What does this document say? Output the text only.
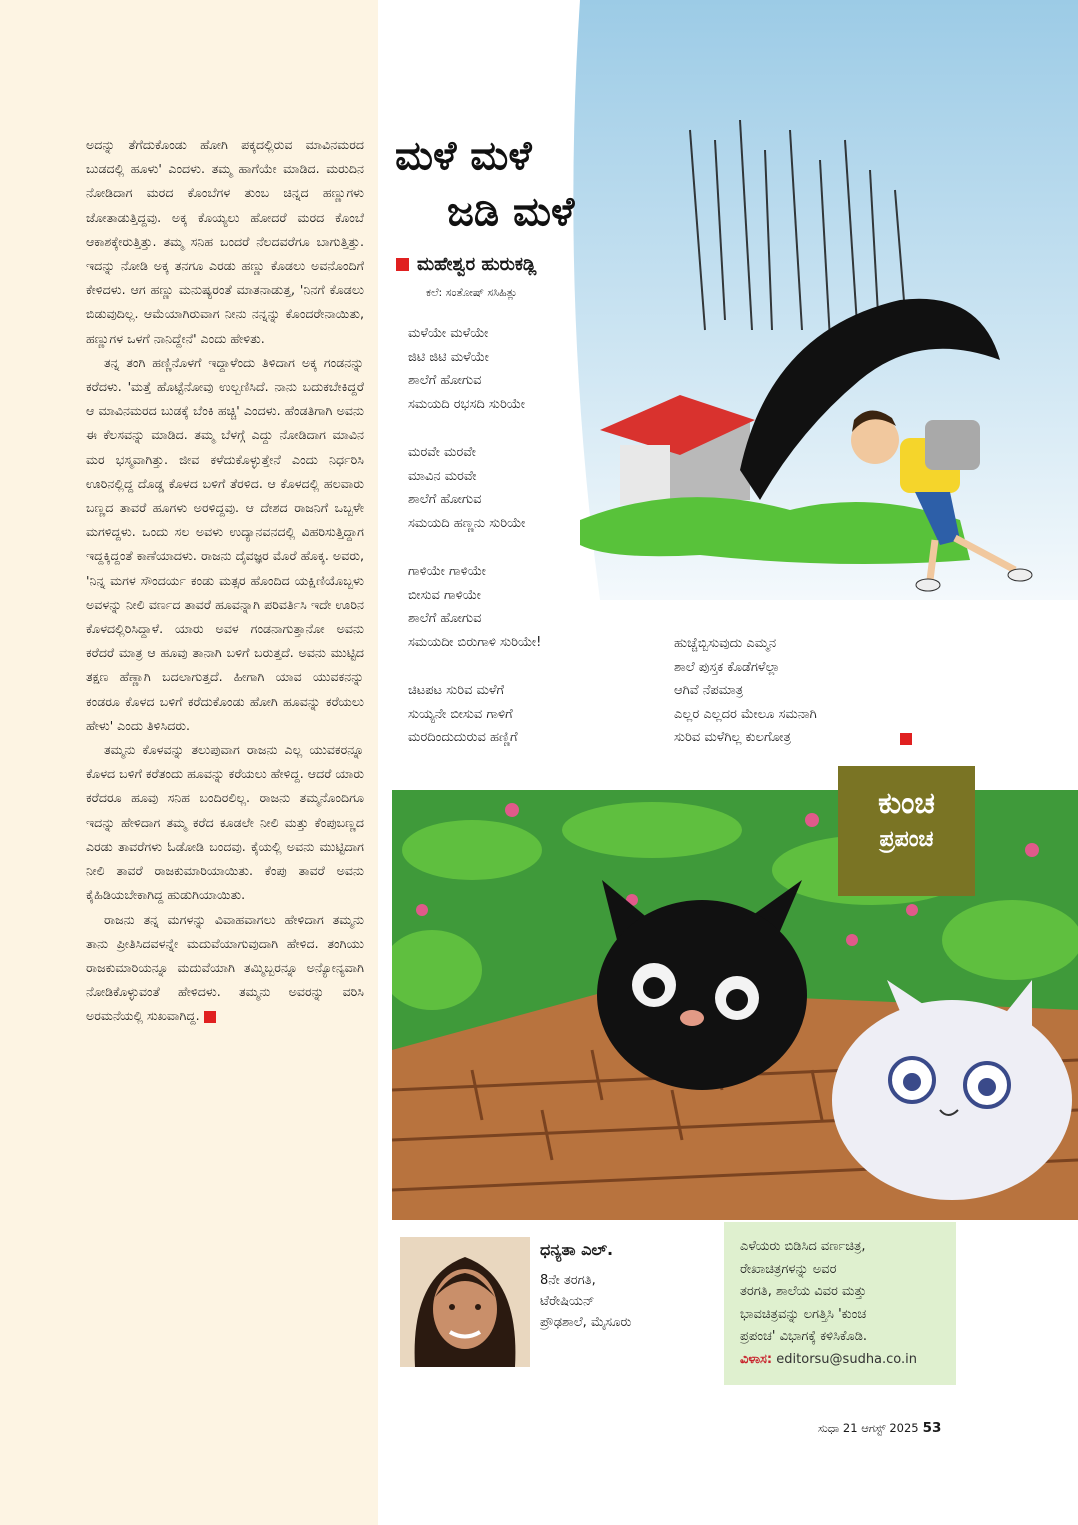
ಅದನ್ನು ತೆಗೆದುಕೊಂಡು ಹೋಗಿ ಪಕ್ಕದಲ್ಲಿರುವ ಮಾವಿನಮರದ ಬುಡದಲ್ಲಿ ಹೂಳು' ಎಂದಳು. ತಮ್ಮ ಹಾಗೆಯೇ ಮಾಡಿದ. ಮರುದಿನ ನೋಡಿದಾಗ ಮರದ ಕೊಂಬೆಗಳ ತುಂಬ ಚಿನ್ನದ ಹಣ್ಣುಗಳು ಜೋತಾಡುತ್ತಿದ್ದವು. ಅಕ್ಕ ಕೊಯ್ಯಲು ಹೋದರೆ ಮರದ ಕೊಂಬೆ ಆಕಾಶಕ್ಕೇರುತ್ತಿತ್ತು. ತಮ್ಮ ಸನಿಹ ಬಂದರೆ ನೆಲದವರೆಗೂ ಬಾಗುತ್ತಿತ್ತು. ಇದನ್ನು ನೋಡಿ ಅಕ್ಕ ತನಗೂ ಎರಡು ಹಣ್ಣು ಕೊಡಲು ಅವನೊಂದಿಗೆ ಕೇಳಿದಳು. ಆಗ ಹಣ್ಣು ಮನುಷ್ಯರಂತೆ ಮಾತನಾಡುತ್ತ, 'ನಿನಗೆ ಕೊಡಲು ಬಿಡುವುದಿಲ್ಲ. ಆಮೆಯಾಗಿರುವಾಗ ನೀನು ನನ್ನನ್ನು ಕೊಂದರೇನಾಯಿತು, ಹಣ್ಣುಗಳ ಒಳಗೆ ನಾನಿದ್ದೇನೆ' ಎಂದು ಹೇಳಿತು.

ತನ್ನ ತಂಗಿ ಹಣ್ಣಿನೊಳಗೆ ಇದ್ದಾಳೆಂದು ತಿಳಿದಾಗ ಅಕ್ಕ ಗಂಡನನ್ನು ಕರೆದಳು. 'ಮತ್ತೆ ಹೊಟ್ಟೆನೋವು ಉಲ್ಬಣಿಸಿದೆ. ನಾನು ಬದುಕಬೇಕಿದ್ದರೆ ಆ ಮಾವಿನಮರದ ಬುಡಕ್ಕೆ ಬೆಂಕಿ ಹಚ್ಚಿ' ಎಂದಳು. ಹೆಂಡತಿಗಾಗಿ ಅವನು ಈ ಕೆಲಸವನ್ನು ಮಾಡಿದ. ತಮ್ಮ ಬೆಳಗ್ಗೆ ಎದ್ದು ನೋಡಿದಾಗ ಮಾವಿನ ಮರ ಭಸ್ಮವಾಗಿತ್ತು. ಜೀವ ಕಳೆದುಕೊಳ್ಳುತ್ತೇನೆ ಎಂದು ನಿರ್ಧರಿಸಿ ಊರಿನಲ್ಲಿದ್ದ ದೊಡ್ಡ ಕೊಳದ ಬಳಿಗೆ ತೆರಳಿದ. ಆ ಕೊಳದಲ್ಲಿ ಹಲವಾರು ಬಣ್ಣದ ತಾವರೆ ಹೂಗಳು ಅರಳಿದ್ದವು. ಆ ದೇಶದ ರಾಜನಿಗೆ ಒಬ್ಬಳೇ ಮಗಳಿದ್ದಳು. ಒಂದು ಸಲ ಅವಳು ಉದ್ಯಾನವನದಲ್ಲಿ ವಿಹರಿಸುತ್ತಿದ್ದಾಗ ಇದ್ದಕ್ಕಿದ್ದಂತೆ ಕಾಣೆಯಾದಳು. ರಾಜನು ದೈವಜ್ಞರ ಮೊರೆ ಹೊಕ್ಕ. ಅವರು, 'ನಿನ್ನ ಮಗಳ ಸೌಂದರ್ಯ ಕಂಡು ಮತ್ಸರ ಹೊಂದಿದ ಯಕ್ಷಿಣಿಯೊಬ್ಬಳು ಅವಳನ್ನು ನೀಲಿ ವರ್ಣದ ತಾವರೆ ಹೂವನ್ನಾಗಿ ಪರಿವರ್ತಿಸಿ ಇದೇ ಊರಿನ ಕೊಳದಲ್ಲಿರಿಸಿದ್ದಾಳೆ. ಯಾರು ಅವಳ ಗಂಡನಾಗುತ್ತಾನೋ ಅವನು ಕರೆದರೆ ಮಾತ್ರ ಆ ಹೂವು ತಾನಾಗಿ ಬಳಿಗೆ ಬರುತ್ತದೆ. ಅವನು ಮುಟ್ಟಿದ ತಕ್ಷಣ ಹೆಣ್ಣಾಗಿ ಬದಲಾಗುತ್ತದೆ. ಹೀಗಾಗಿ ಯಾವ ಯುವಕನನ್ನು ಕಂಡರೂ ಕೊಳದ ಬಳಿಗೆ ಕರೆದುಕೊಂಡು ಹೋಗಿ ಹೂವನ್ನು ಕರೆಯಲು ಹೇಳು' ಎಂದು ತಿಳಿಸಿದರು.

ತಮ್ಮನು ಕೊಳವನ್ನು ತಲುಪುವಾಗ ರಾಜನು ಎಲ್ಲ ಯುವಕರನ್ನೂ ಕೊಳದ ಬಳಿಗೆ ಕರೆತಂದು ಹೂವನ್ನು ಕರೆಯಲು ಹೇಳಿದ್ದ. ಆದರೆ ಯಾರು ಕರೆದರೂ ಹೂವು ಸನಿಹ ಬಂದಿರಲಿಲ್ಲ. ರಾಜನು ತಮ್ಮನೊಂದಿಗೂ ಇದನ್ನು ಹೇಳಿದಾಗ ತಮ್ಮ ಕರೆದ ಕೂಡಲೇ ನೀಲಿ ಮತ್ತು ಕೆಂಪುಬಣ್ಣದ ಎರಡು ತಾವರೆಗಳು ಓಡೋಡಿ ಬಂದವು. ಕೈಯಲ್ಲಿ ಅವನು ಮುಟ್ಟಿದಾಗ ನೀಲಿ ತಾವರೆ ರಾಜಕುಮಾರಿಯಾಯಿತು. ಕೆಂಪು ತಾವರೆ ಅವನು ಕೈಹಿಡಿಯಬೇಕಾಗಿದ್ದ ಹುಡುಗಿಯಾಯಿತು.

ರಾಜನು ತನ್ನ ಮಗಳನ್ನು ವಿವಾಹವಾಗಲು ಹೇಳಿದಾಗ ತಮ್ಮನು ತಾನು ಪ್ರೀತಿಸಿದವಳನ್ನೇ ಮದುವೆಯಾಗುವುದಾಗಿ ಹೇಳಿದ. ತಂಗಿಯು ರಾಜಕುಮಾರಿಯನ್ನೂ ಮದುವೆಯಾಗಿ ತಮ್ಮಿಬ್ಬರನ್ನೂ ಅನ್ಯೋನ್ಯವಾಗಿ ನೋಡಿಕೊಳ್ಳುವಂತೆ ಹೇಳಿದಳು. ತಮ್ಮನು ಅವರನ್ನು ವರಿಸಿ ಅರಮನೆಯಲ್ಲಿ ಸುಖವಾಗಿದ್ದ.

ಮಳೆ ಮಳೆ
ಜಡಿ ಮಳೆ
ಮಹೇಶ್ವರ ಹುರುಕಡ್ಲಿ
ಕಲೆ: ಸಂತೋಷ್ ಸಸಿಹಿತ್ಲು
ಮಳೆಯೇ ಮಳೆಯೇ
ಜಿಟಿ ಜಿಟಿ ಮಳೆಯೇ
ಶಾಲೆಗೆ ಹೋಗುವ
ಸಮಯದಿ ರಭಸದಿ ಸುರಿಯೇ
ಮರವೇ ಮರವೇ
ಮಾವಿನ ಮರವೇ
ಶಾಲೆಗೆ ಹೋಗುವ
ಸಮಯದಿ ಹಣ್ಣನು ಸುರಿಯೇ
ಗಾಳಿಯೇ ಗಾಳಿಯೇ
ಬೀಸುವ ಗಾಳಿಯೇ
ಶಾಲೆಗೆ ಹೋಗುವ
ಸಮಯದೀ ಬಿರುಗಾಳಿ ಸುರಿಯೇ!
ಚಿಟಪಟ ಸುರಿವ ಮಳೆಗೆ
ಸುಯ್ಯನೇ ಬೀಸುವ ಗಾಳಿಗೆ
ಮರದಿಂದುದುರುವ ಹಣ್ಣಿಗೆ
ಹುಚ್ಚೆಬ್ಬಿಸುವುದು ಎಮ್ಮನ
ಶಾಲೆ ಪುಸ್ತಕ ಕೊಡೆಗಳೆಲ್ಲಾ
ಆಗಿವೆ ನೆಪಮಾತ್ರ
ಎಲ್ಲರ ಎಲ್ಲದರ ಮೇಲೂ ಸಮನಾಗಿ
ಸುರಿವ ಮಳೆಗಿಲ್ಲ ಕುಲಗೋತ್ರ
ಕುಂಚ
ಪ್ರಪಂಚ
ಧನ್ಯತಾ ಎಲ್.
8ನೇ ತರಗತಿ,
ಟೆರೇಷಿಯನ್
ಪ್ರೌಢಶಾಲೆ, ಮೈಸೂರು
ಎಳೆಯರು ಬಿಡಿಸಿದ ವರ್ಣಚಿತ್ರ,
ರೇಖಾಚಿತ್ರಗಳನ್ನು ಅವರ
ತರಗತಿ, ಶಾಲೆಯ ವಿವರ ಮತ್ತು
ಭಾವಚಿತ್ರವನ್ನು ಲಗತ್ತಿಸಿ 'ಕುಂಚ
ಪ್ರಪಂಚ' ವಿಭಾಗಕ್ಕೆ ಕಳಿಸಿಕೊಡಿ.
ವಿಳಾಸ: editorsu@sudha.co.in
ಸುಧಾ 21 ಆಗಸ್ಟ್ 2025 53
